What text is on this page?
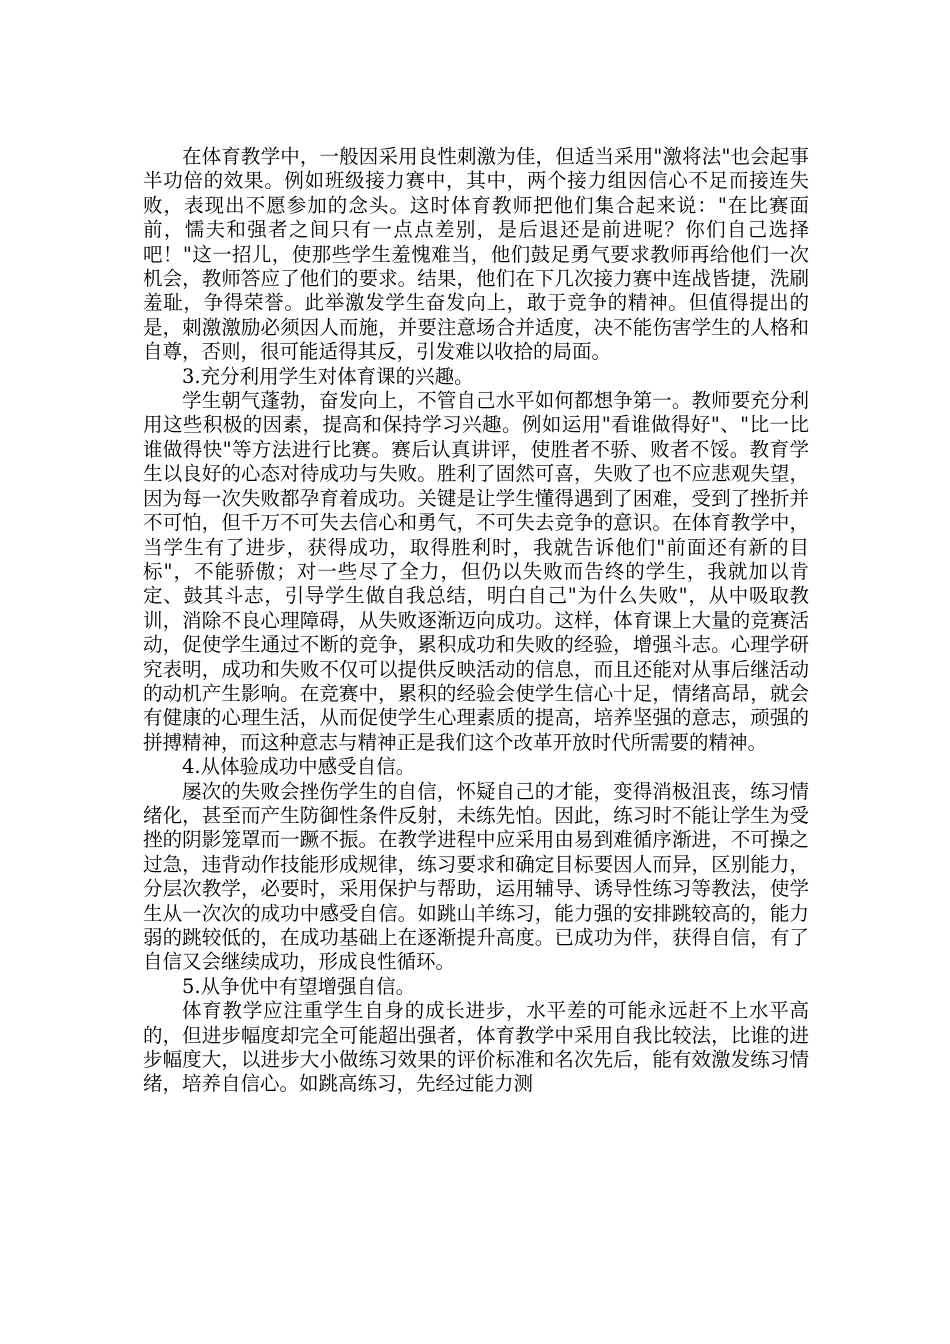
在体育教学中，一般因采用良性刺激为佳，但适当采用"激将法"也会起事半功倍的效果。例如班级接力赛中，其中，两个接力组因信心不足而接连失败，表现出不愿参加的念头。这时体育教师把他们集合起来说："在比赛面前，懦夫和强者之间只有一点点差别，是后退还是前进呢？你们自己选择吧！"这一招儿，使那些学生羞愧难当，他们鼓足勇气要求教师再给他们一次机会，教师答应了他们的要求。结果，他们在下几次接力赛中连战皆捷，洗刷羞耻，争得荣誉。此举激发学生奋发向上，敢于竞争的精神。但值得提出的是，刺激激励必须因人而施，并要注意场合并适度，决不能伤害学生的人格和自尊，否则，很可能适得其反，引发难以收拾的局面。

3.充分利用学生对体育课的兴趣。

学生朝气蓬勃，奋发向上，不管自己水平如何都想争第一。教师要充分利用这些积极的因素，提高和保持学习兴趣。例如运用"看谁做得好"、"比一比谁做得快"等方法进行比赛。赛后认真讲评，使胜者不骄、败者不馁。教育学生以良好的心态对待成功与失败。胜利了固然可喜，失败了也不应悲观失望，因为每一次失败都孕育着成功。关键是让学生懂得遇到了困难，受到了挫折并不可怕，但千万不可失去信心和勇气，不可失去竞争的意识。在体育教学中，当学生有了进步，获得成功，取得胜利时，我就告诉他们"前面还有新的目标"，不能骄傲；对一些尽了全力，但仍以失败而告终的学生，我就加以肯定、鼓其斗志，引导学生做自我总结，明白自己"为什么失败"，从中吸取教训，消除不良心理障碍，从失败逐渐迈向成功。这样，体育课上大量的竞赛活动，促使学生通过不断的竞争，累积成功和失败的经验，增强斗志。心理学研究表明，成功和失败不仅可以提供反映活动的信息，而且还能对从事后继活动的动机产生影响。在竞赛中，累积的经验会使学生信心十足，情绪高昂，就会有健康的心理生活，从而促使学生心理素质的提高，培养坚强的意志，顽强的拼搏精神，而这种意志与精神正是我们这个改革开放时代所需要的精神。

4.从体验成功中感受自信。

屡次的失败会挫伤学生的自信，怀疑自己的才能，变得消极沮丧，练习情绪化，甚至而产生防御性条件反射，未练先怕。因此，练习时不能让学生为受挫的阴影笼罩而一蹶不振。在教学进程中应采用由易到难循序渐进，不可操之过急，违背动作技能形成规律，练习要求和确定目标要因人而异，区别能力，分层次教学，必要时，采用保护与帮助，运用辅导、诱导性练习等教法，使学生从一次次的成功中感受自信。如跳山羊练习，能力强的安排跳较高的，能力弱的跳较低的，在成功基础上在逐渐提升高度。已成功为伴，获得自信，有了自信又会继续成功，形成良性循环。

5.从争优中有望增强自信。

体育教学应注重学生自身的成长进步，水平差的可能永远赶不上水平高的，但进步幅度却完全可能超出强者，体育教学中采用自我比较法，比谁的进步幅度大，以进步大小做练习效果的评价标准和名次先后，能有效激发练习情绪，培养自信心。如跳高练习，先经过能力测
